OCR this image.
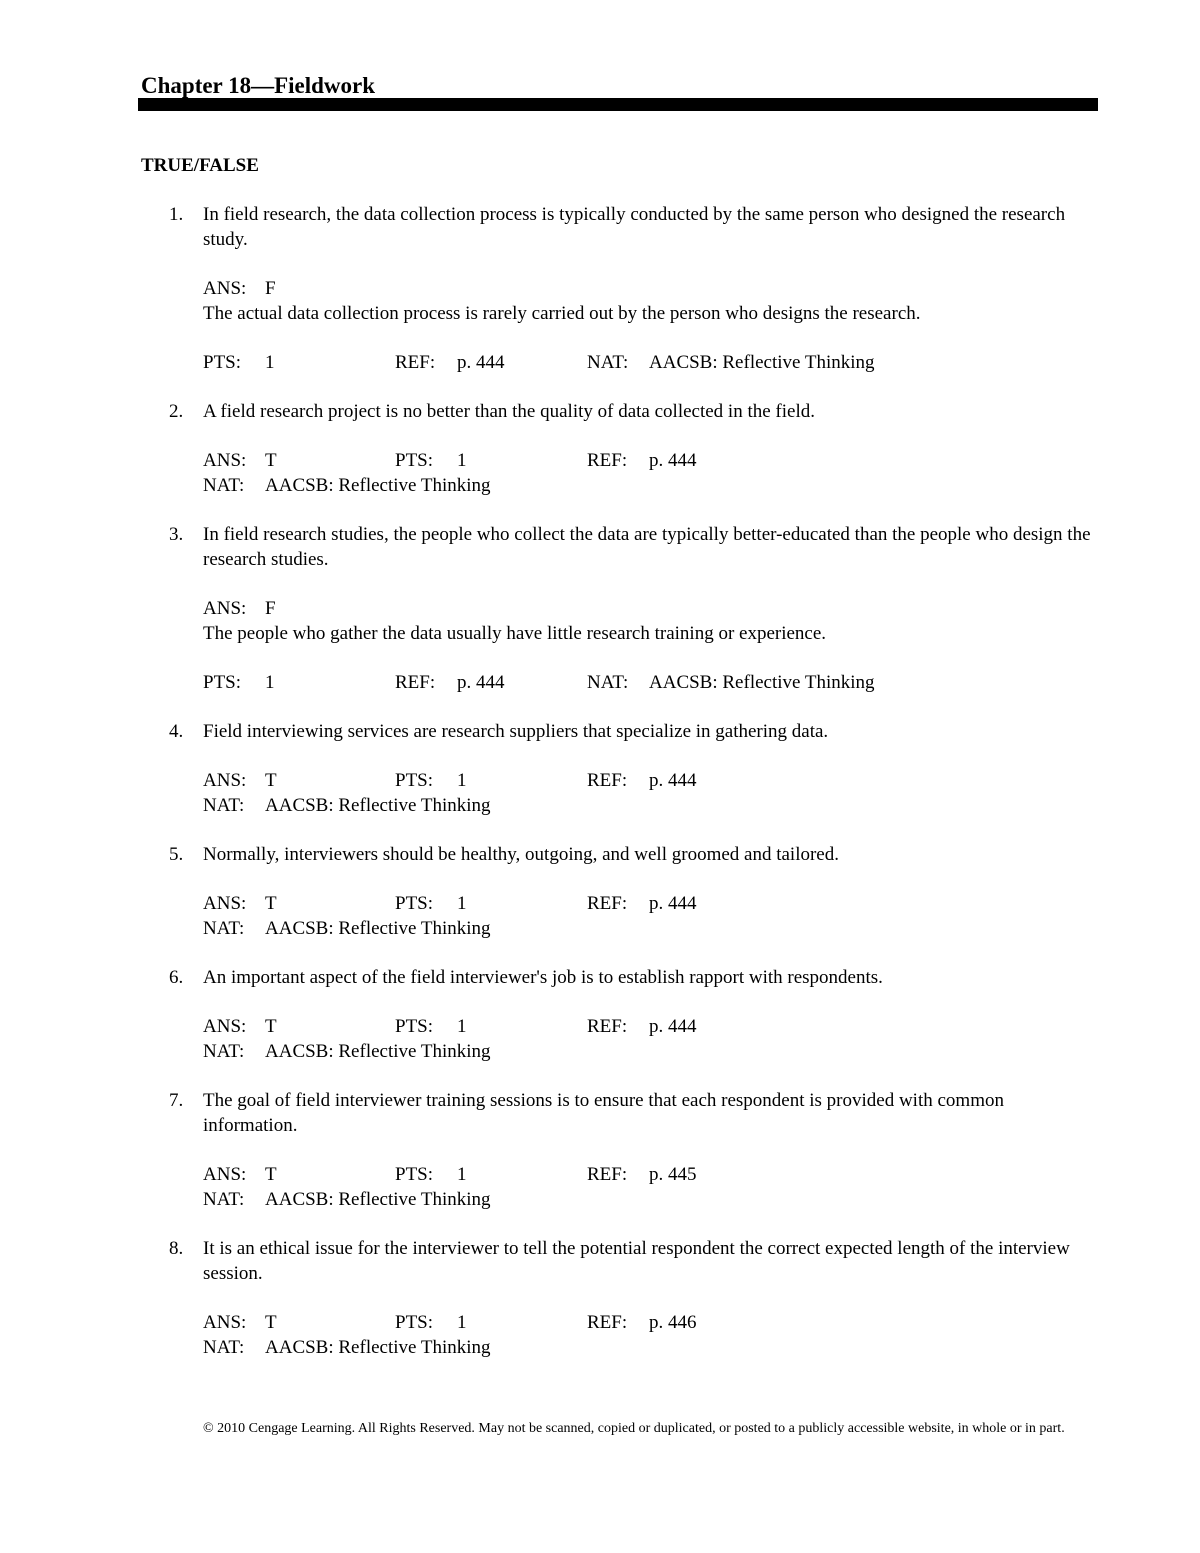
Chapter 18—Fieldwork
TRUE/FALSE
1. In field research, the data collection process is typically conducted by the same person who designed the research study.

ANS: F

The actual data collection process is rarely carried out by the person who designs the research.

PTS: 1	REF: p. 444	NAT: AACSB: Reflective Thinking
2. A field research project is no better than the quality of data collected in the field.

ANS: T	PTS: 1	REF: p. 444
NAT: AACSB: Reflective Thinking
3. In field research studies, the people who collect the data are typically better-educated than the people who design the research studies.

ANS: F

The people who gather the data usually have little research training or experience.

PTS: 1	REF: p. 444	NAT: AACSB: Reflective Thinking
4. Field interviewing services are research suppliers that specialize in gathering data.

ANS: T	PTS: 1	REF: p. 444
NAT: AACSB: Reflective Thinking
5. Normally, interviewers should be healthy, outgoing, and well groomed and tailored.

ANS: T	PTS: 1	REF: p. 444
NAT: AACSB: Reflective Thinking
6. An important aspect of the field interviewer's job is to establish rapport with respondents.

ANS: T	PTS: 1	REF: p. 444
NAT: AACSB: Reflective Thinking
7. The goal of field interviewer training sessions is to ensure that each respondent is provided with common information.

ANS: T	PTS: 1	REF: p. 445
NAT: AACSB: Reflective Thinking
8. It is an ethical issue for the interviewer to tell the potential respondent the correct expected length of the interview session.

ANS: T	PTS: 1	REF: p. 446
NAT: AACSB: Reflective Thinking

© 2010 Cengage Learning. All Rights Reserved. May not be scanned, copied or duplicated, or posted to a publicly accessible website, in whole or in part.
